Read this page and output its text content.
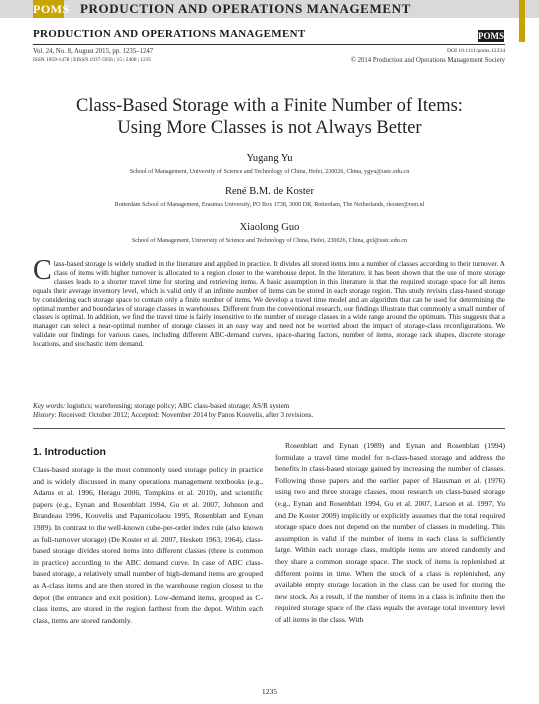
POMS PRODUCTION AND OPERATIONS MANAGEMENT
PRODUCTION AND OPERATIONS MANAGEMENT	POMS
Vol. 24, No. 8, August 2015, pp. 1235–1247
ISSN 1059-1478 | EISSN 1937-5956 | 15 | 2408 | 1235
DOI 10.1111/poms.12334
© 2014 Production and Operations Management Society
Class-Based Storage with a Finite Number of Items:
Using More Classes is not Always Better
Yugang Yu
School of Management, University of Science and Technology of China, Hefei, 230026, China, ygyu@ustc.edu.cn
René B.M. de Koster
Rotterdam School of Management, Erasmus University, PO Box 1738, 3000 DR, Rotterdam, The Netherlands, rkoster@rsm.nl
Xiaolong Guo
School of Management, University of Science and Technology of China, Hefei, 230026, China, gxl@ustc.edu.cn
Class-based storage is widely studied in the literature and applied in practice. It divides all stored items into a number of classes according to their turnover. A class of items with higher turnover is allocated to a region closer to the warehouse depot. In the literature, it has been shown that the use of more storage classes leads to a shorter travel time for storing and retrieving items. A basic assumption in this literature is that the required storage space for all items equals their average inventory level, which is valid only if an infinite number of items can be stored in each storage region. This study revisits class-based storage by considering each storage space to contain only a finite number of items. We develop a travel time model and an algorithm that can be used for determining the optimal number and boundaries of storage classes in warehouses. Different from the conventional research, our findings illustrate that commonly a small number of classes is optimal. In addition, we find the travel time is fairly insensitive to the number of storage classes in a wide range around the optimum. This suggests that a manager can select a near-optimal number of storage classes in an easy way and need not be worried about the impact of storage-class reconfigurations. We validate our findings for various cases, including different ABC-demand curves, space-sharing factors, number of items, storage rack shapes, discrete storage locations, and stochastic item demand.
Key words: logistics; warehousing; storage policy; ABC class-based storage; AS/R system
History: Received: October 2012; Accepted: November 2014 by Panos Kouvelis, after 3 revisions.
1. Introduction

Class-based storage is the most commonly used storage policy in practice and is widely discussed in many operations management textbooks (e.g., Adams et al. 1996, Heragu 2006, Tompkins et al. 2010), and scientific papers (e.g., Eynan and Rosenblatt 1994, Gu et al. 2007, Johnson and Brandeau 1996, Kouvelis and Papanicolaou 1995, Rosenblatt and Eynan 1989). In contrast to the well-known cube-per-order index rule (also known as full-turnover storage) (De Koster et al. 2007, Heskett 1963, 1964), class-based storage divides stored items into different classes (three is common in practice) according to the ABC demand curve. In case of ABC class-based storage, a relatively small number of high-demand items are grouped as A-class items and are then stored in the warehouse region closest to the depot (the entrance and exit position). Low-demand items, grouped as C-class items, are stored in the region farthest from the depot. Within each class, items are stored randomly.

Rosenblatt and Eynan (1989) and Eynan and Rosenblatt (1994) formulate a travel time model for n-class-based storage and address the benefits in class-based storage gained by increasing the number of classes. Following those papers and the earlier paper of Hausman et al. (1976) using two and three storage classes, most research on class-based storage (e.g., Eynan and Rosenblatt 1994, Gu et al. 2007, Larson et al. 1997, Yu and De Koster 2009) implicitly or explicitly assumes that the total required storage space does not depend on the number of classes in modeling. This assumption is valid if the number of items in each class is sufficiently large. Within each storage class, multiple items are stored randomly and they share a common storage space. The stock of items is replenished at different points in time. When the stock of a class is replenished, any available empty storage location in the class can be used for storing the new stock. As a result, if the number of items in a class is infinite then the required storage space of the class equals the average total inventory level of all items in the class. With

1235
